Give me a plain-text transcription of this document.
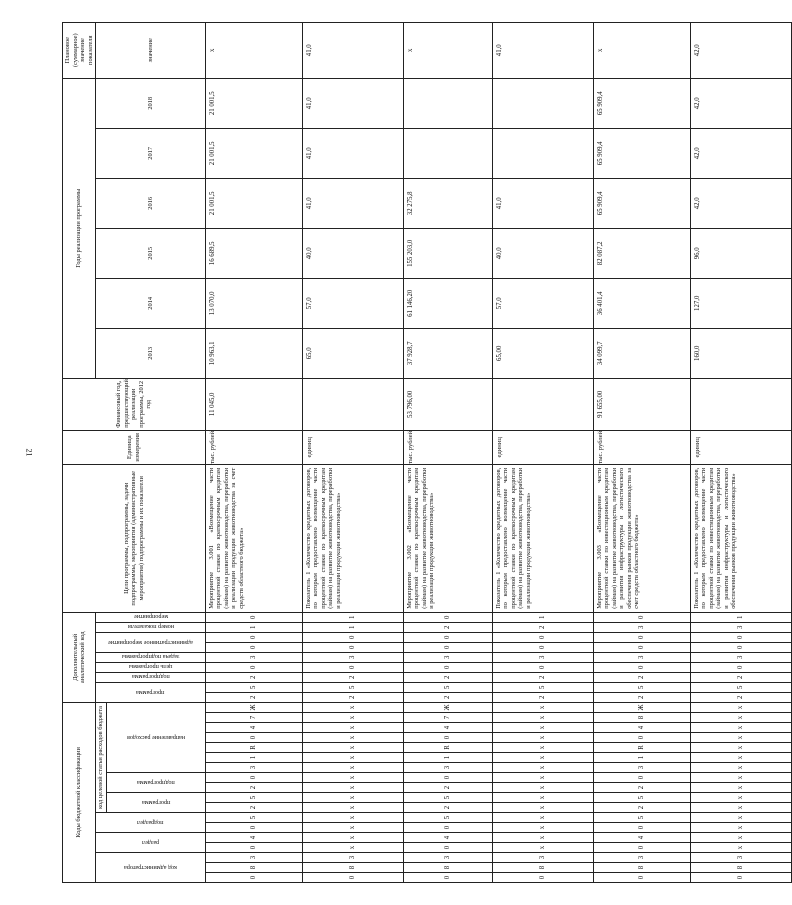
21
Коды бюджетной классификации																		Дополнительный аналитический код									Цели программы, подпрограммы, задачи подпрограммы, мероприятия (административные мероприятия) подпрограммы и их показатели	Единица измерения	Финансовый год, предшествующий реализации программы, 2012 год	Годы реализации программы						Плановое (суммарное) значение показателя

код администратора			раздел		подраздел		код целевой статьи расходов бюджета											программа		подпрограмма	цель программы	задача подпрограммы	административное мероприятие		номер показателя	мероприятие				2013	2014	2015	2016	2017	2018	значение

							программа		подпрограмма		направление расходов																									

0	8	3	0	4	0	5	2	5	2	0	3	1	R	0	4	7	Ж	2	5	2	0	3	0	0	1	0	Мероприятие 3.001 «Возмещение части процентной ставки по краткосрочным кредитам (займам) на развитие животноводства, переработки и реализации продукции животноводства за счет средств областного бюджета»	тыс. рублей	11 045,0	10 963,1	13 070,0	16 689,5	21 001,5	21 001,5	21 001,5	x
0	8	3	x	x	x	x	x	x	x	x	x	x	x	x	x	x	x	2	5	2	0	3	0	0	1	1	Показатель 1 «Количество кредитных договоров, по которым предоставлено возмещение части процентной ставки по краткосрочным кредитам (займам) на развитие животноводства, переработки и реализации продукции животноводства»	единиц		65,0	57,0	40,0	41,0	41,0	41,0	41,0
0	8	3	0	4	0	5	2	5	2	0	3	1	R	0	4	7	Ж	2	5	2	0	3	0	0	2	0	Мероприятие 3.002 «Возмещение части процентной ставки по краткосрочным кредитам (займам) на развитие животноводства, переработки и реализации продукции животноводства»	тыс. рублей	53 796,00	37 928,7	61 146,20	155 203,0	32 275,8			x
0	8	3	x	x	x	x	x	x	x	x	x	x	x	x	x	x	x	2	5	2	0	3	0	0	2	1	Показатель 1 «Количество кредитных договоров, по которым предоставлено возмещение части процентной ставки по краткосрочным кредитам (займам) на развитие животноводства, переработки и реализации продукции животноводства»	единиц		65,00	57,0	40,0	41,0			41,0
0	8	3	0	4	0	5	2	5	2	0	3	1	R	0	4	8	Ж	2	5	2	0	3	0	0	3	0	Мероприятие 3.003 «Возмещение части процентной ставки по инвестиционным кредитам (займам) на развитие животноводства, переработки и развития инфраструктуры и логистического обеспечения рынков продукции животноводства за счет средств областного бюджета»	тыс. рублей	91 655,00	34 099,7	36 401,4	82 087,2	65 909,4	65 909,4	65 909,4	x
0	8	3	x	x	x	x	x	x	x	x	x	x	x	x	x	x	x	2	5	2	0	3	0	0	3	1	Показатель 1 «Количество кредитных договоров, по которым предоставлено возмещение части процентной ставки по инвестиционным кредитам (займам) на развитие животноводства, переработки и развития инфраструктуры и логистического обеспечения рынков продукции животноводства»	единиц		160,0	127,0	96,0	42,0	42,0	42,0	42,0
